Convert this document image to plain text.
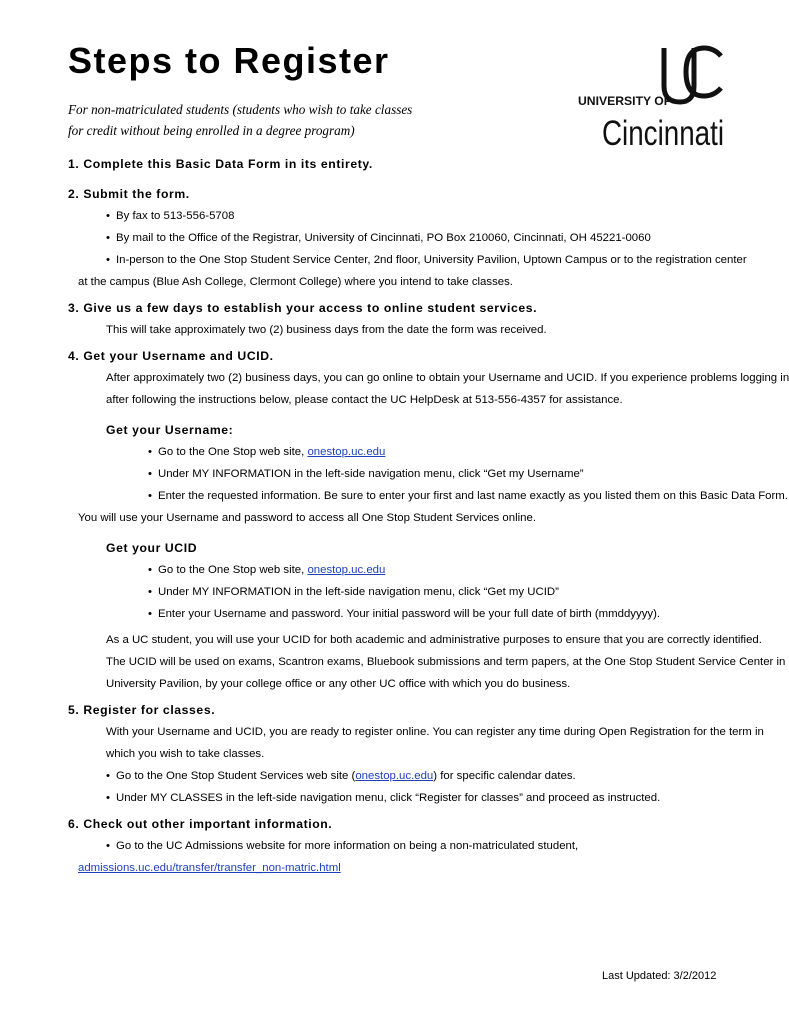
Steps to Register
For non-matriculated students (students who wish to take classes
for credit without being enrolled in a degree program)
UNIVERSITY OF
Cincinnati

1. Complete this Basic Data Form in its entirety.

2. Submit the form.

• By fax to 513-556-5708
• By mail to the Office of the Registrar, University of Cincinnati, PO Box 210060, Cincinnati, OH 45221-0060
• In-person to the One Stop Student Service Center, 2nd floor, University Pavilion, Uptown Campus or to the registration center
at the campus (Blue Ash College, Clermont College) where you intend to take classes.

3. Give us a few days to establish your access to online student services.

This will take approximately two (2) business days from the date the form was received.

4. Get your Username and UCID.

After approximately two (2) business days, you can go online to obtain your Username and UCID. If you experience problems logging in
after following the instructions below, please contact the UC HelpDesk at 513-556-4357 for assistance.
Get your Username:
• Go to the One Stop web site, onestop.uc.edu
• Under MY INFORMATION in the left-side navigation menu, click “Get my Username”
• Enter the requested information. Be sure to enter your first and last name exactly as you listed them on this Basic Data Form.
You will use your Username and password to access all One Stop Student Services online.
Get your UCID
• Go to the One Stop web site, onestop.uc.edu
• Under MY INFORMATION in the left-side navigation menu, click “Get my UCID”
• Enter your Username and password. Your initial password will be your full date of birth (mmddyyyy).
As a UC student, you will use your UCID for both academic and administrative purposes to ensure that you are correctly identified.
The UCID will be used on exams, Scantron exams, Bluebook submissions and term papers, at the One Stop Student Service Center in
University Pavilion, by your college office or any other UC office with which you do business.

5. Register for classes.

With your Username and UCID, you are ready to register online. You can register any time during Open Registration for the term in
which you wish to take classes.
• Go to the One Stop Student Services web site (onestop.uc.edu) for specific calendar dates.
• Under MY CLASSES in the left-side navigation menu, click “Register for classes” and proceed as instructed.

6. Check out other important information.

• Go to the UC Admissions website for more information on being a non-matriculated student,
admissions.uc.edu/transfer/transfer_non-matric.html
Last Updated: 3/2/2012
